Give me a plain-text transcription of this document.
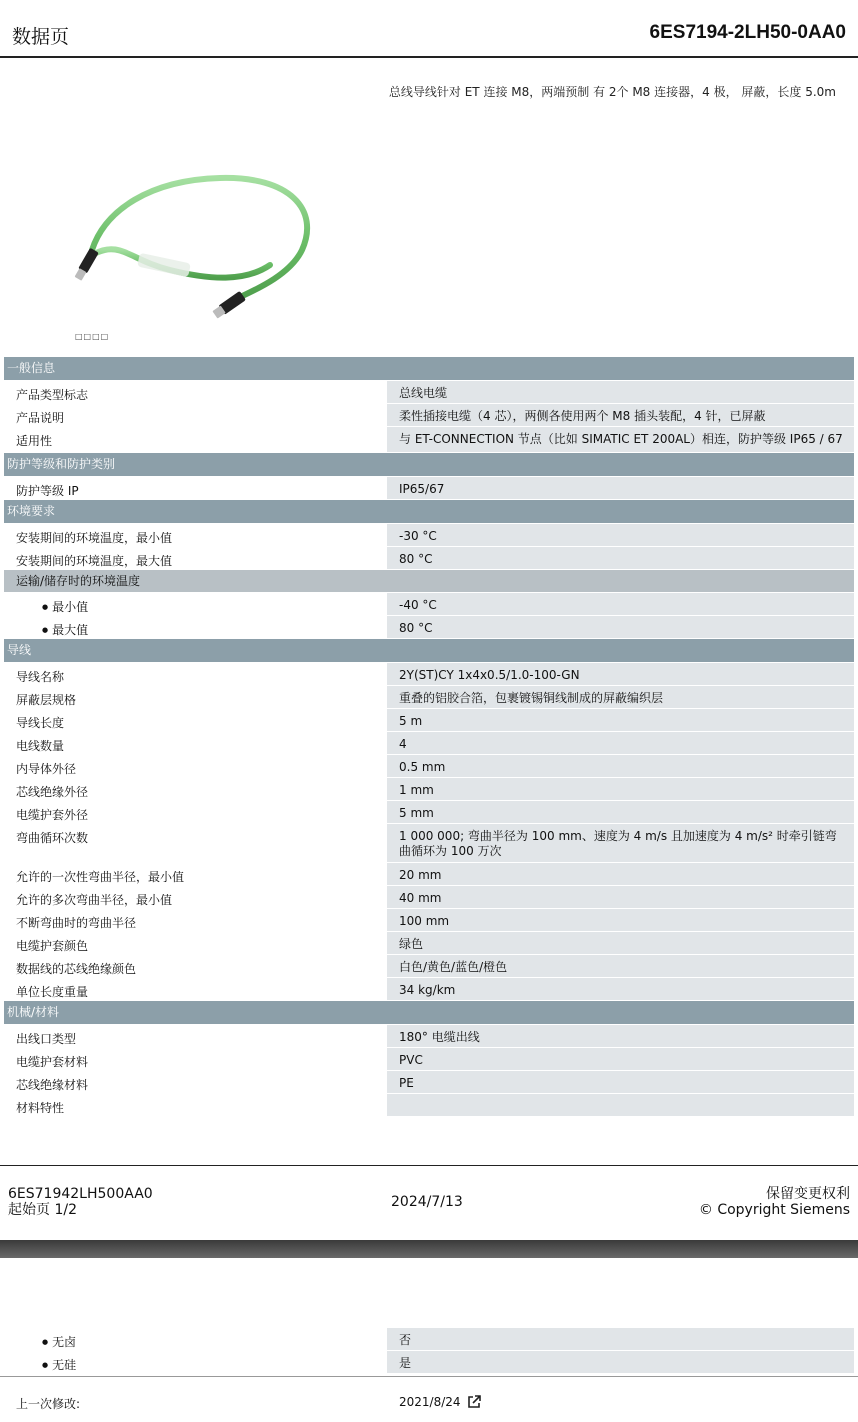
数据页	6ES7194-2LH50-0AA0
总线导线针对 ET 连接 M8，两端预制 有 2个 M8 连接器，4 极， 屏蔽，长度 5.0m
□□□□
一般信息
产品类型标志	总线电缆
产品说明	柔性插接电缆（4 芯），两侧各使用两个 M8 插头装配，4 针，已屏蔽
适用性	与 ET-CONNECTION 节点（比如 SIMATIC ET 200AL）相连，防护等级 IP65 / 67
防护等级和防护类别
防护等级 IP	IP65/67
环境要求
安装期间的环境温度，最小值	-30 °C
安装期间的环境温度，最大值	80 °C
运输/储存时的环境温度
● 最小值	-40 °C
● 最大值	80 °C
导线
导线名称	2Y(ST)CY 1x4x0.5/1.0-100-GN
屏蔽层规格	重叠的铝胶合箔，包裹镀锡铜线制成的屏蔽编织层
导线长度	5 m
电线数量	4
内导体外径	0.5 mm
芯线绝缘外径	1 mm
电缆护套外径	5 mm
弯曲循环次数	1 000 000; 弯曲半径为 100 mm、速度为 4 m/s 且加速度为 4 m/s² 时牵引链弯曲循环为 100 万次
允许的一次性弯曲半径，最小值	20 mm
允许的多次弯曲半径，最小值	40 mm
不断弯曲时的弯曲半径	100 mm
电缆护套颜色	绿色
数据线的芯线绝缘颜色	白色/黄色/蓝色/橙色
单位长度重量	34 kg/km
机械/材料
出线口类型	180° 电缆出线
电缆护套材料	PVC
芯线绝缘材料	PE
材料特性
6ES71942LH500AA0
起始页 1/2	2024/7/13	保留变更权利
© Copyright Siemens
● 无卤	否
● 无硅	是
上一次修改:	2021/8/24
